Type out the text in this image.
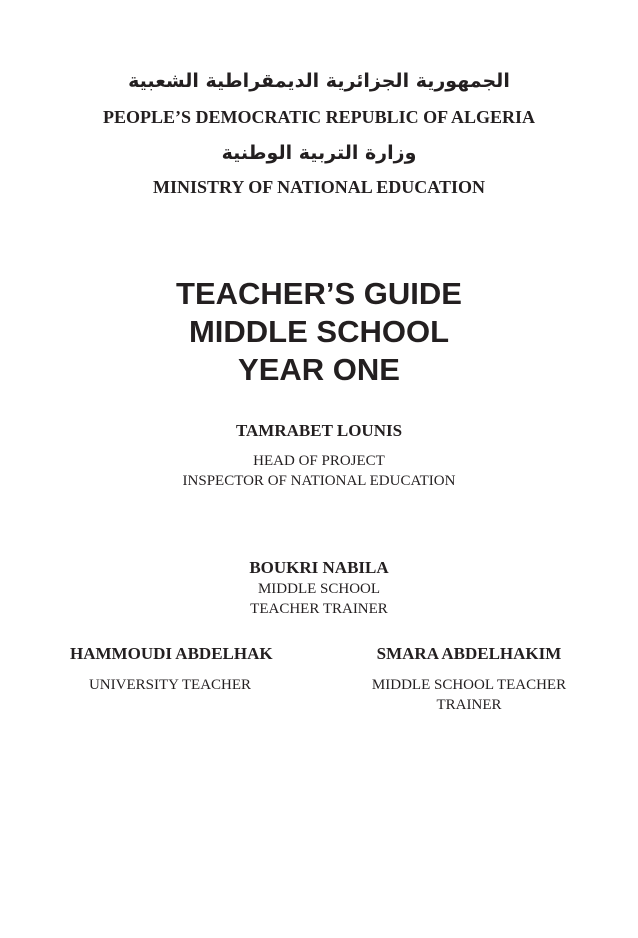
الجمهورية الجزائرية الديمقراطية الشعبية
PEOPLE’S DEMOCRATIC REPUBLIC OF ALGERIA
وزارة التربية الوطنية
MINISTRY OF NATIONAL EDUCATION
TEACHER’S GUIDE
MIDDLE SCHOOL
YEAR ONE
TAMRABET LOUNIS
HEAD OF PROJECT
INSPECTOR OF NATIONAL EDUCATION
BOUKRI NABILA
MIDDLE SCHOOL
TEACHER TRAINER
HAMMOUDI ABDELHAK
UNIVERSITY TEACHER
SMARA ABDELHAKIM
MIDDLE SCHOOL TEACHER
TRAINER
